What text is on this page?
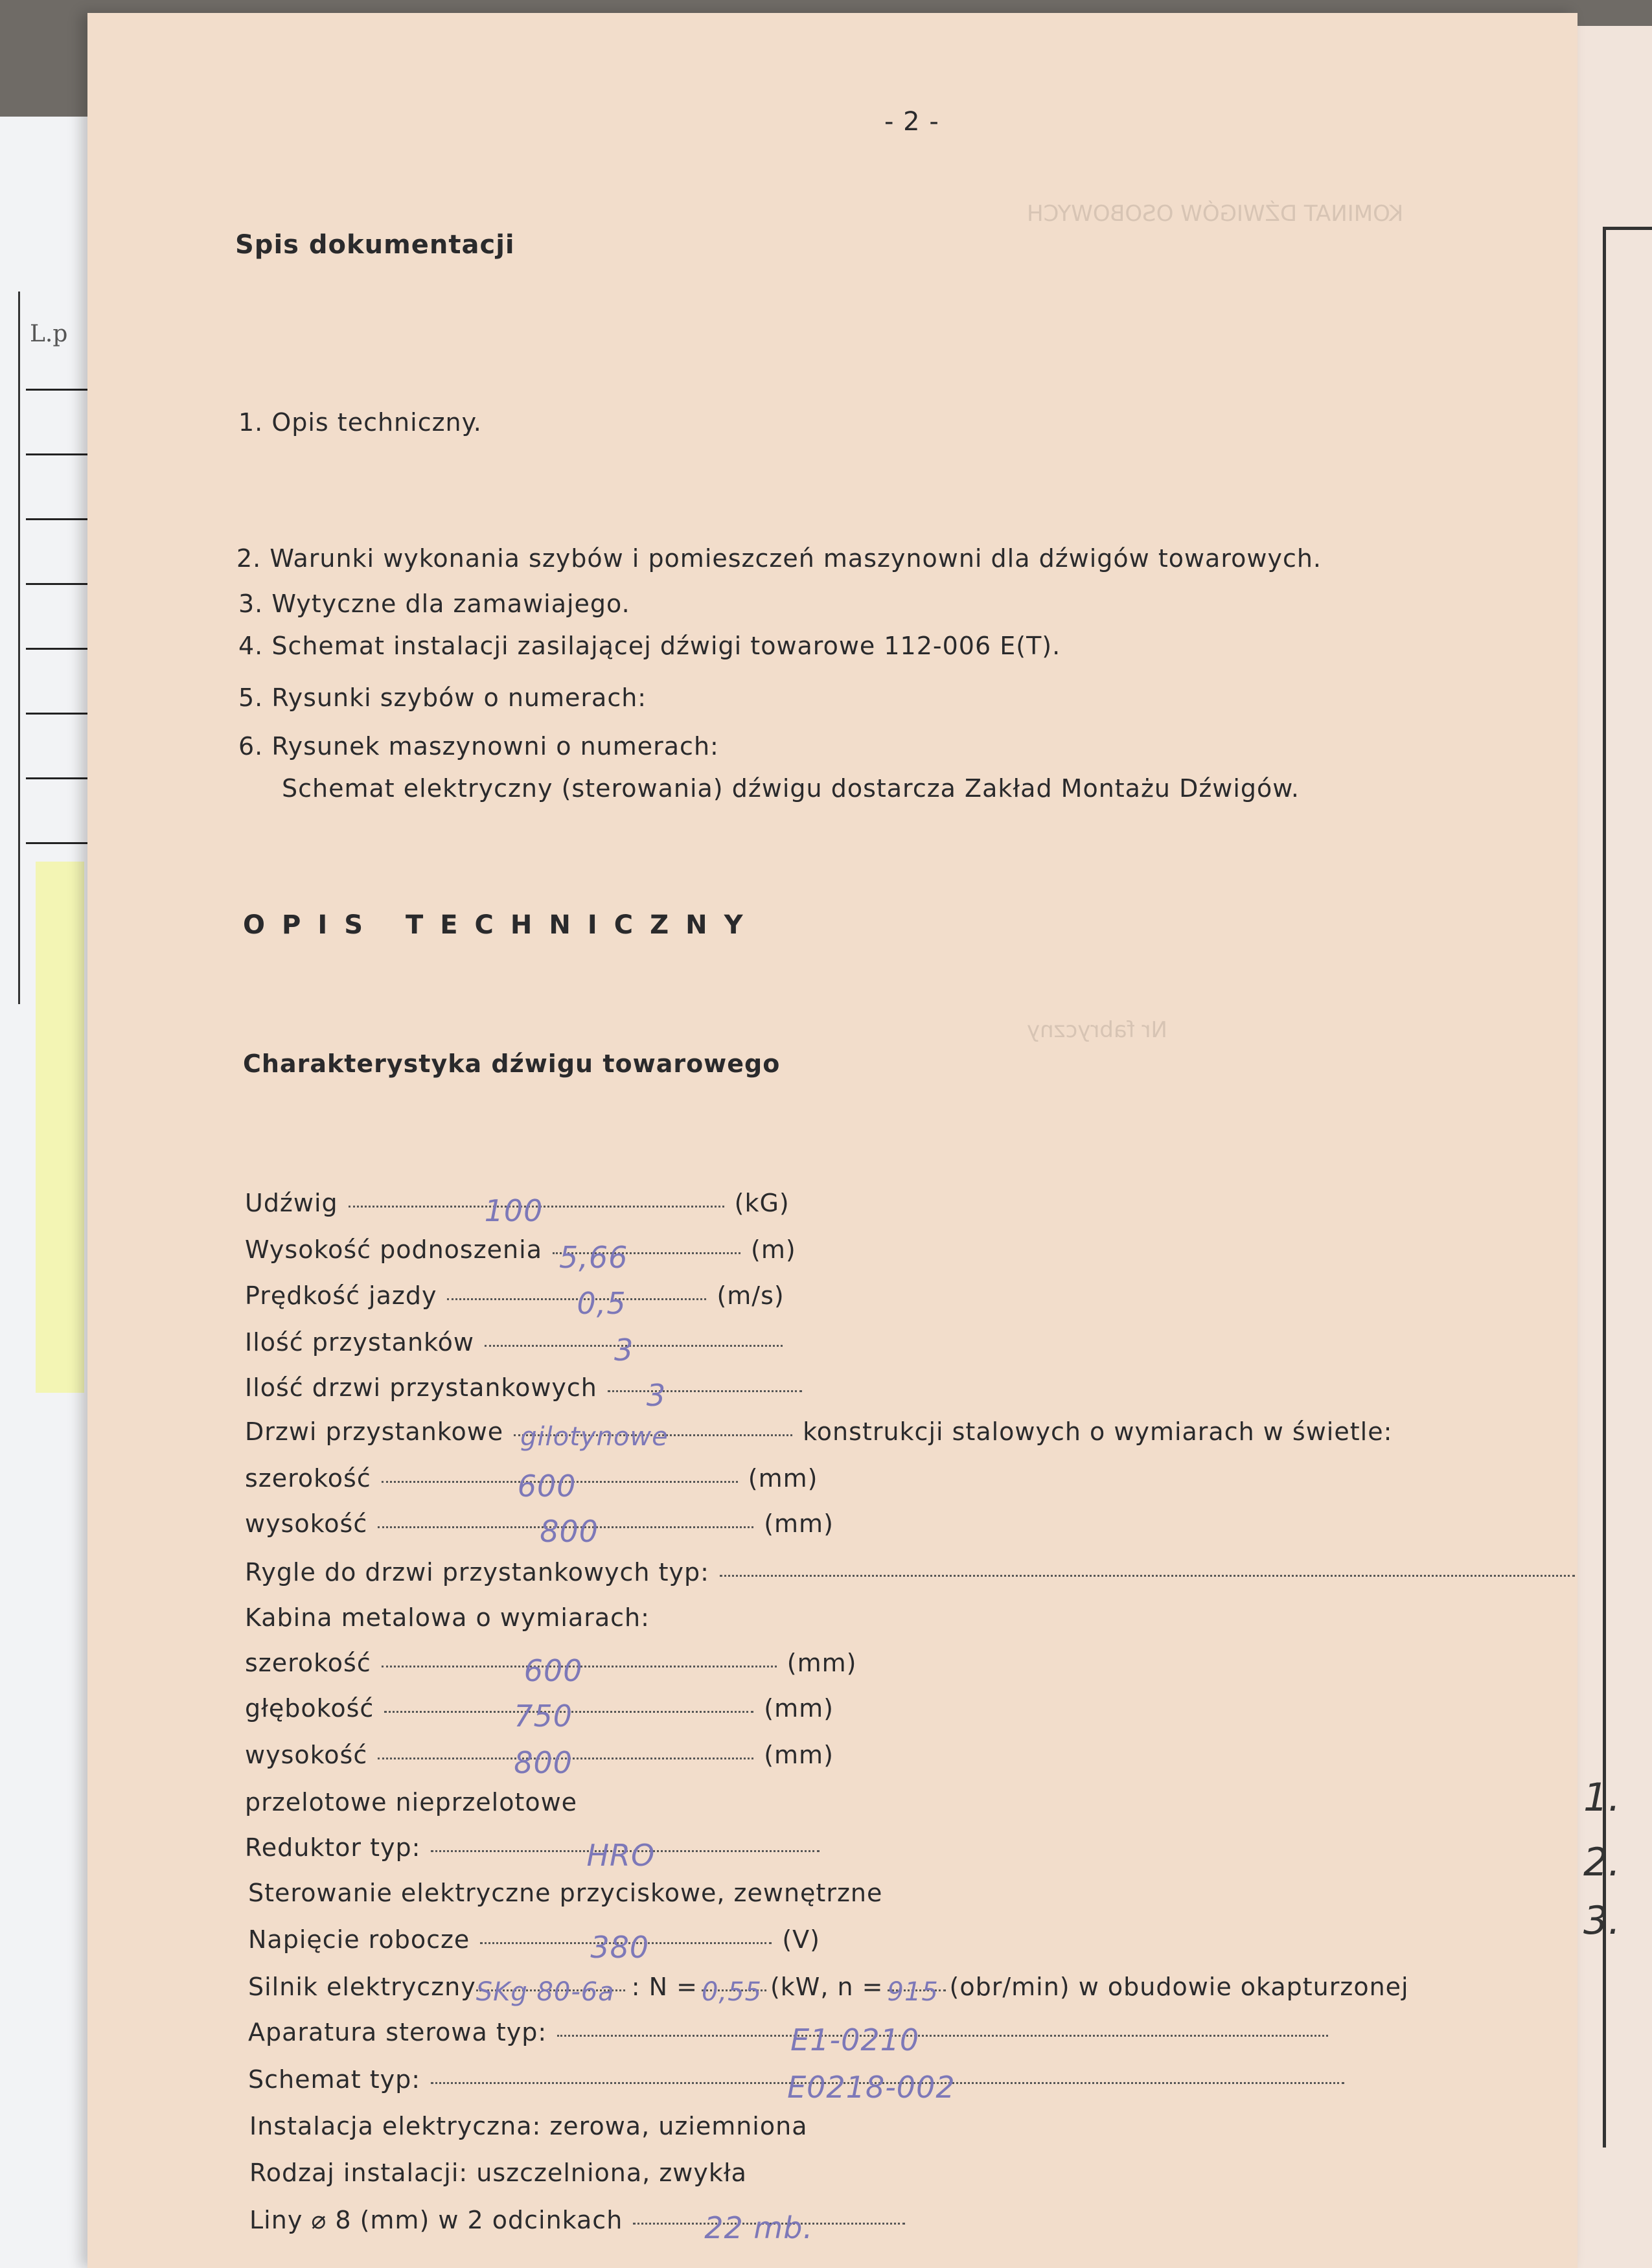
L.p
1.
2.
3.
KOMINAT DŹWIGÓW OSOBOWYCH
Nr fabryczny
- 2 -
Spis dokumentacji
1. Opis techniczny.
2. Warunki wykonania szybów i pomieszczeń maszynowni dla dźwigów towarowych.
3. Wytyczne dla zamawiajego.
4. Schemat instalacji zasilającej dźwigi towarowe 112-006 E(T).
5. Rysunki szybów o numerach:
6. Rysunek maszynowni o numerach:
Schemat elektryczny (sterowania) dźwigu dostarcza Zakład Montażu Dźwigów.
OPIS TECHNICZNY
Charakterystyka dźwigu towarowego
Udźwig	100	(kG)
Wysokość podnoszenia 5,66	(m)
Prędkość jazdy	0,5	(m/s)
Ilość przystanków	3
Ilość drzwi przystankowych 3
Drzwi przystankowe gilotynowe	konstrukcji stalowych o wymiarach w świetle:
szerokość	600	(mm)
wysokość	800	(mm)
Rygle do drzwi przystankowych typ:
Kabina metalowa o wymiarach:
szerokość	600	(mm)
głębokość	750	(mm)
wysokość	800	(mm)
przelotowe nieprzelotowe
Reduktor typ:	HRO
Sterowanie elektryczne przyciskowe, zewnętrzne
Napięcie robocze	380	(V)
Silnik elektryczny SKg 80-6a : N = 0,55 (kW, n = 915 (obr/min) w obudowie okapturzonej
Aparatura sterowa typ:	E1-0210
Schemat typ:	E0218-002
Instalacja elektryczna: zerowa, uziemniona
Rodzaj instalacji: uszczelniona, zwykła
Liny ⌀ 8 (mm) w 2 odcinkach	22 mb.
